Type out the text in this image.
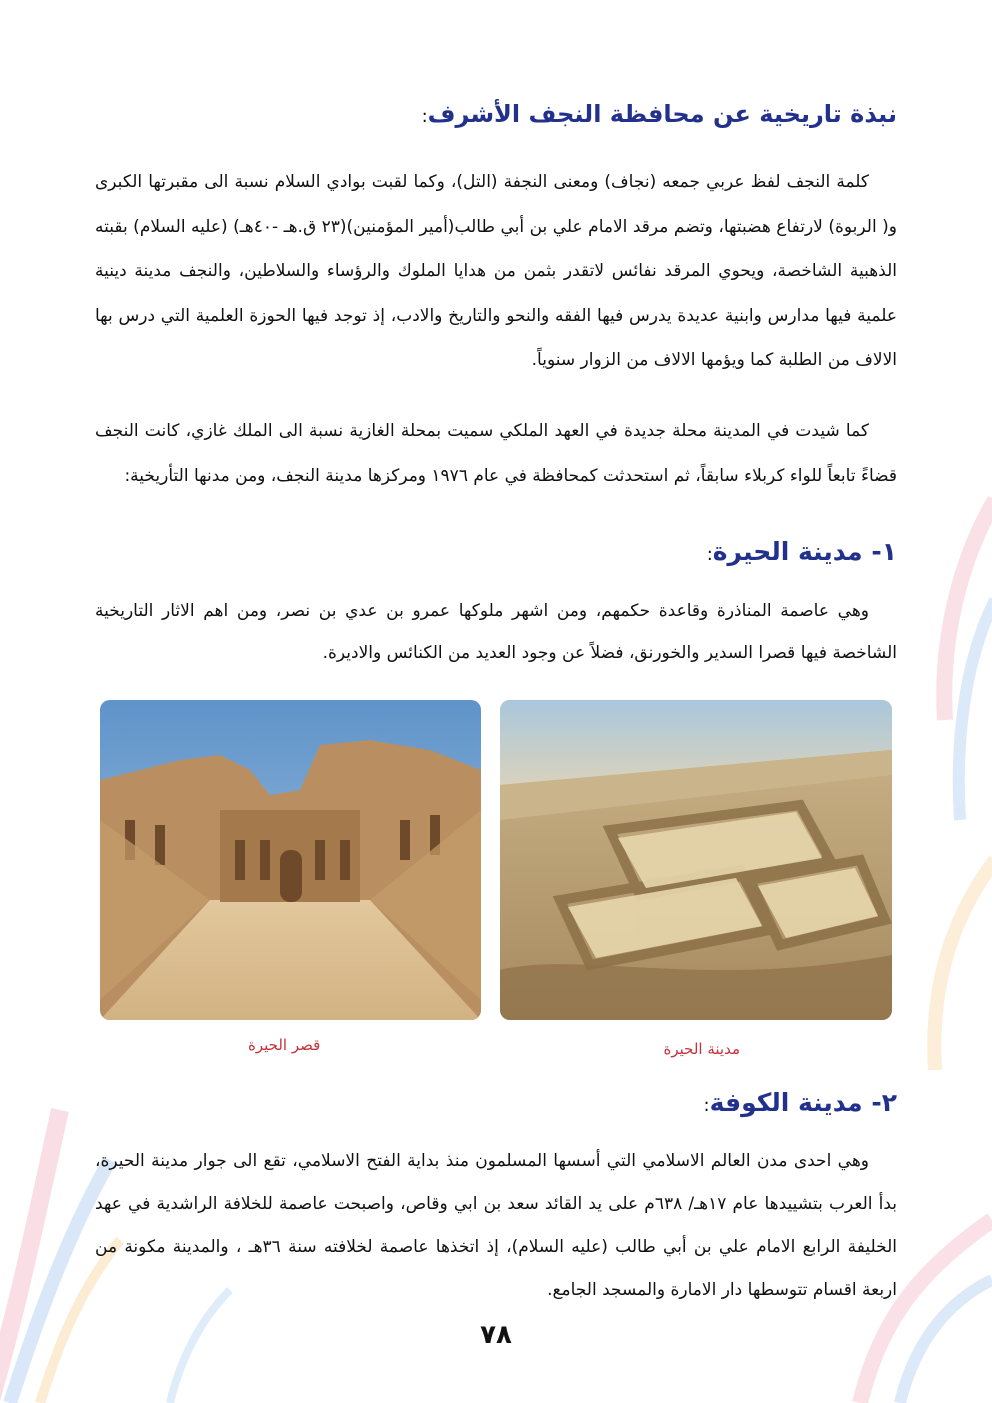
نبذة تاريخية عن محافظة النجف الأشرف:

كلمة النجف لفظ عربي جمعه (نجاف) ومعنى النجفة (التل)، وكما لقبت بوادي السلام نسبة الى مقبرتها الكبرى و( الربوة) لارتفاع هضبتها، وتضم مرقد الامام علي بن أبي طالب(أمير المؤمنين)(٢٣ ق.هـ -٤٠هـ) (عليه السلام) بقبته الذهبية الشاخصة، ويحوي المرقد نفائس لاتقدر بثمن من هدايا الملوك والرؤساء والسلاطين، والنجف مدينة دينية علمية فيها مدارس وابنية عديدة يدرس فيها الفقه والنحو والتاريخ والادب، إذ توجد فيها الحوزة العلمية التي درس بها الالاف من الطلبة كما ويؤمها الالاف من الزوار سنوياً.

كما شيدت في المدينة محلة جديدة في العهد الملكي سميت بمحلة الغازية نسبة الى الملك غازي، كانت النجف قضاءً تابعاً للواء كربلاء سابقاً، ثم استحدثت كمحافظة في عام ١٩٧٦ ومركزها مدينة النجف، ومن مدنها التأريخية:

١- مدينة الحيرة:

وهي عاصمة المناذرة وقاعدة حكمهم، ومن اشهر ملوكها عمرو بن عدي بن نصر، ومن اهم الاثار التاريخية الشاخصة فيها قصرا السدير والخورنق، فضلاً عن وجود العديد من الكنائس والاديرة.

مدينة الحيرة
قصر الحيرة
٢- مدينة الكوفة:

وهي احدى مدن العالم الاسلامي التي أسسها المسلمون منذ بداية الفتح الاسلامي، تقع الى جوار مدينة الحيرة، بدأ العرب بتشييدها عام ١٧هـ/ ٦٣٨م على يد القائد سعد بن ابي وقاص، واصبحت عاصمة للخلافة الراشدية في عهد الخليفة الرابع الامام علي بن أبي طالب (عليه السلام)، إذ اتخذها عاصمة لخلافته سنة ٣٦هـ ، والمدينة مكونة من اربعة اقسام تتوسطها دار الامارة والمسجد الجامع.

٧٨
